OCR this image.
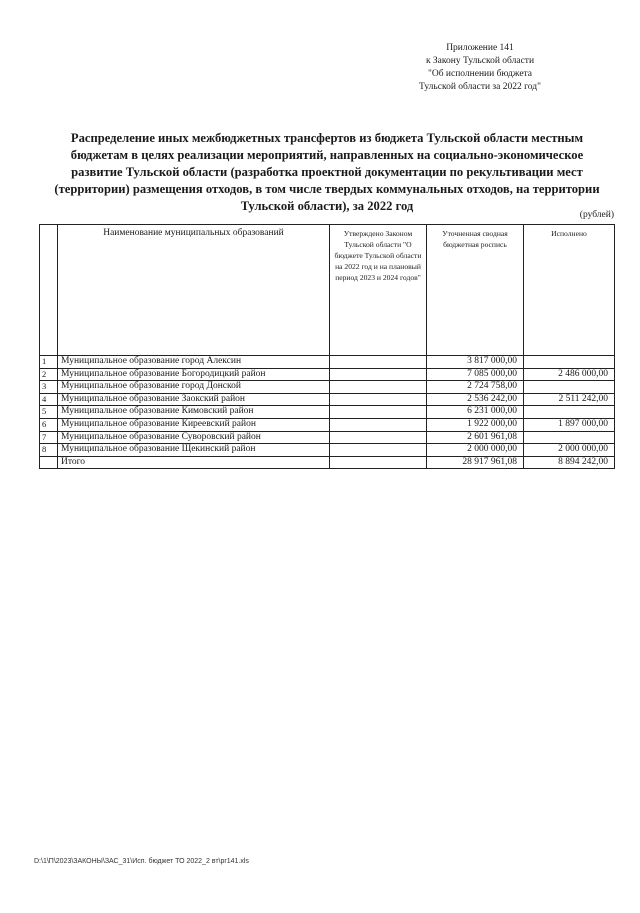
Приложение 141
к Закону Тульской области
"Об исполнении бюджета
Тульской области за 2022 год"
Распределение иных межбюджетных трансфертов из бюджета Тульской области местным бюджетам в целях реализации мероприятий, направленных на социально-экономическое развитие Тульской области (разработка проектной документации по рекультивации мест (территории) размещения отходов, в том числе твердых коммунальных отходов, на территории Тульской области), за 2022 год
(рублей)
	Наименование муниципальных образований	Утверждено Законом Тульской области "О бюджете Тульской области на 2022 год и на плановый период 2023 и 2024 годов"	Уточненная сводная бюджетная роспись	Исполнено
1	Муниципальное образование город Алексин		3 817 000,00	
2	Муниципальное образование Богородицкий район		7 085 000,00	2 486 000,00
3	Муниципальное образование город Донской		2 724 758,00	
4	Муниципальное образование Заокский район		2 536 242,00	2 511 242,00
5	Муниципальное образование Кимовский район		6 231 000,00	
6	Муниципальное образование Киреевский район		1 922 000,00	1 897 000,00
7	Муниципальное образование Суворовский район		2 601 961,08	
8	Муниципальное образование Щекинский район		2 000 000,00	2 000 000,00
	Итого		28 917 961,08	8 894 242,00
D:\1\П\2023\ЗАКОНЫ\ЗАС_31\Исп. бюджет ТО 2022_2 вт\pr141.xls
